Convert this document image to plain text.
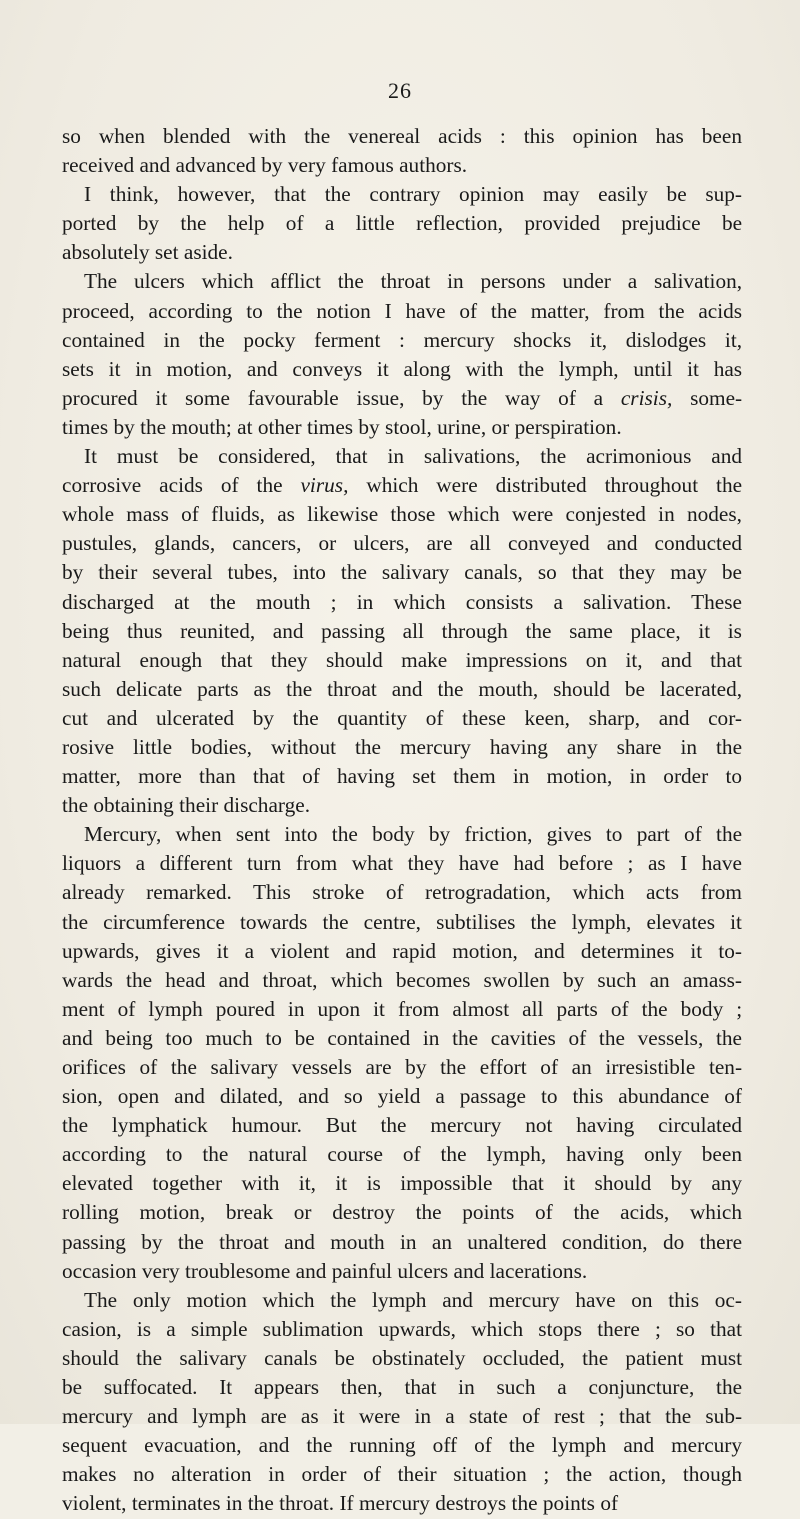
26
so when blended with the venereal acids : this opinion has been
received and advanced by very famous authors.
I think, however, that the contrary opinion may easily be sup-
ported by the help of a little reflection, provided prejudice be
absolutely set aside.
The ulcers which afflict the throat in persons under a salivation,
proceed, according to the notion I have of the matter, from the acids
contained in the pocky ferment : mercury shocks it, dislodges it,
sets it in motion, and conveys it along with the lymph, until it has
procured it some favourable issue, by the way of a crisis, some-
times by the mouth; at other times by stool, urine, or perspiration.
It must be considered, that in salivations, the acrimonious and
corrosive acids of the virus, which were distributed throughout the
whole mass of fluids, as likewise those which were conjested in nodes,
pustules, glands, cancers, or ulcers, are all conveyed and conducted
by their several tubes, into the salivary canals, so that they may be
discharged at the mouth ; in which consists a salivation. These
being thus reunited, and passing all through the same place, it is
natural enough that they should make impressions on it, and that
such delicate parts as the throat and the mouth, should be lacerated,
cut and ulcerated by the quantity of these keen, sharp, and cor-
rosive little bodies, without the mercury having any share in the
matter, more than that of having set them in motion, in order to
the obtaining their discharge.
Mercury, when sent into the body by friction, gives to part of the
liquors a different turn from what they have had before ; as I have
already remarked. This stroke of retrogradation, which acts from
the circumference towards the centre, subtilises the lymph, elevates it
upwards, gives it a violent and rapid motion, and determines it to-
wards the head and throat, which becomes swollen by such an amass-
ment of lymph poured in upon it from almost all parts of the body ;
and being too much to be contained in the cavities of the vessels, the
orifices of the salivary vessels are by the effort of an irresistible ten-
sion, open and dilated, and so yield a passage to this abundance of
the lymphatick humour. But the mercury not having circulated
according to the natural course of the lymph, having only been
elevated together with it, it is impossible that it should by any
rolling motion, break or destroy the points of the acids, which
passing by the throat and mouth in an unaltered condition, do there
occasion very troublesome and painful ulcers and lacerations.
The only motion which the lymph and mercury have on this oc-
casion, is a simple sublimation upwards, which stops there ; so that
should the salivary canals be obstinately occluded, the patient must
be suffocated. It appears then, that in such a conjuncture, the
mercury and lymph are as it were in a state of rest ; that the sub-
sequent evacuation, and the running off of the lymph and mercury
makes no alteration in order of their situation ; the action, though
violent, terminates in the throat. If mercury destroys the points of
